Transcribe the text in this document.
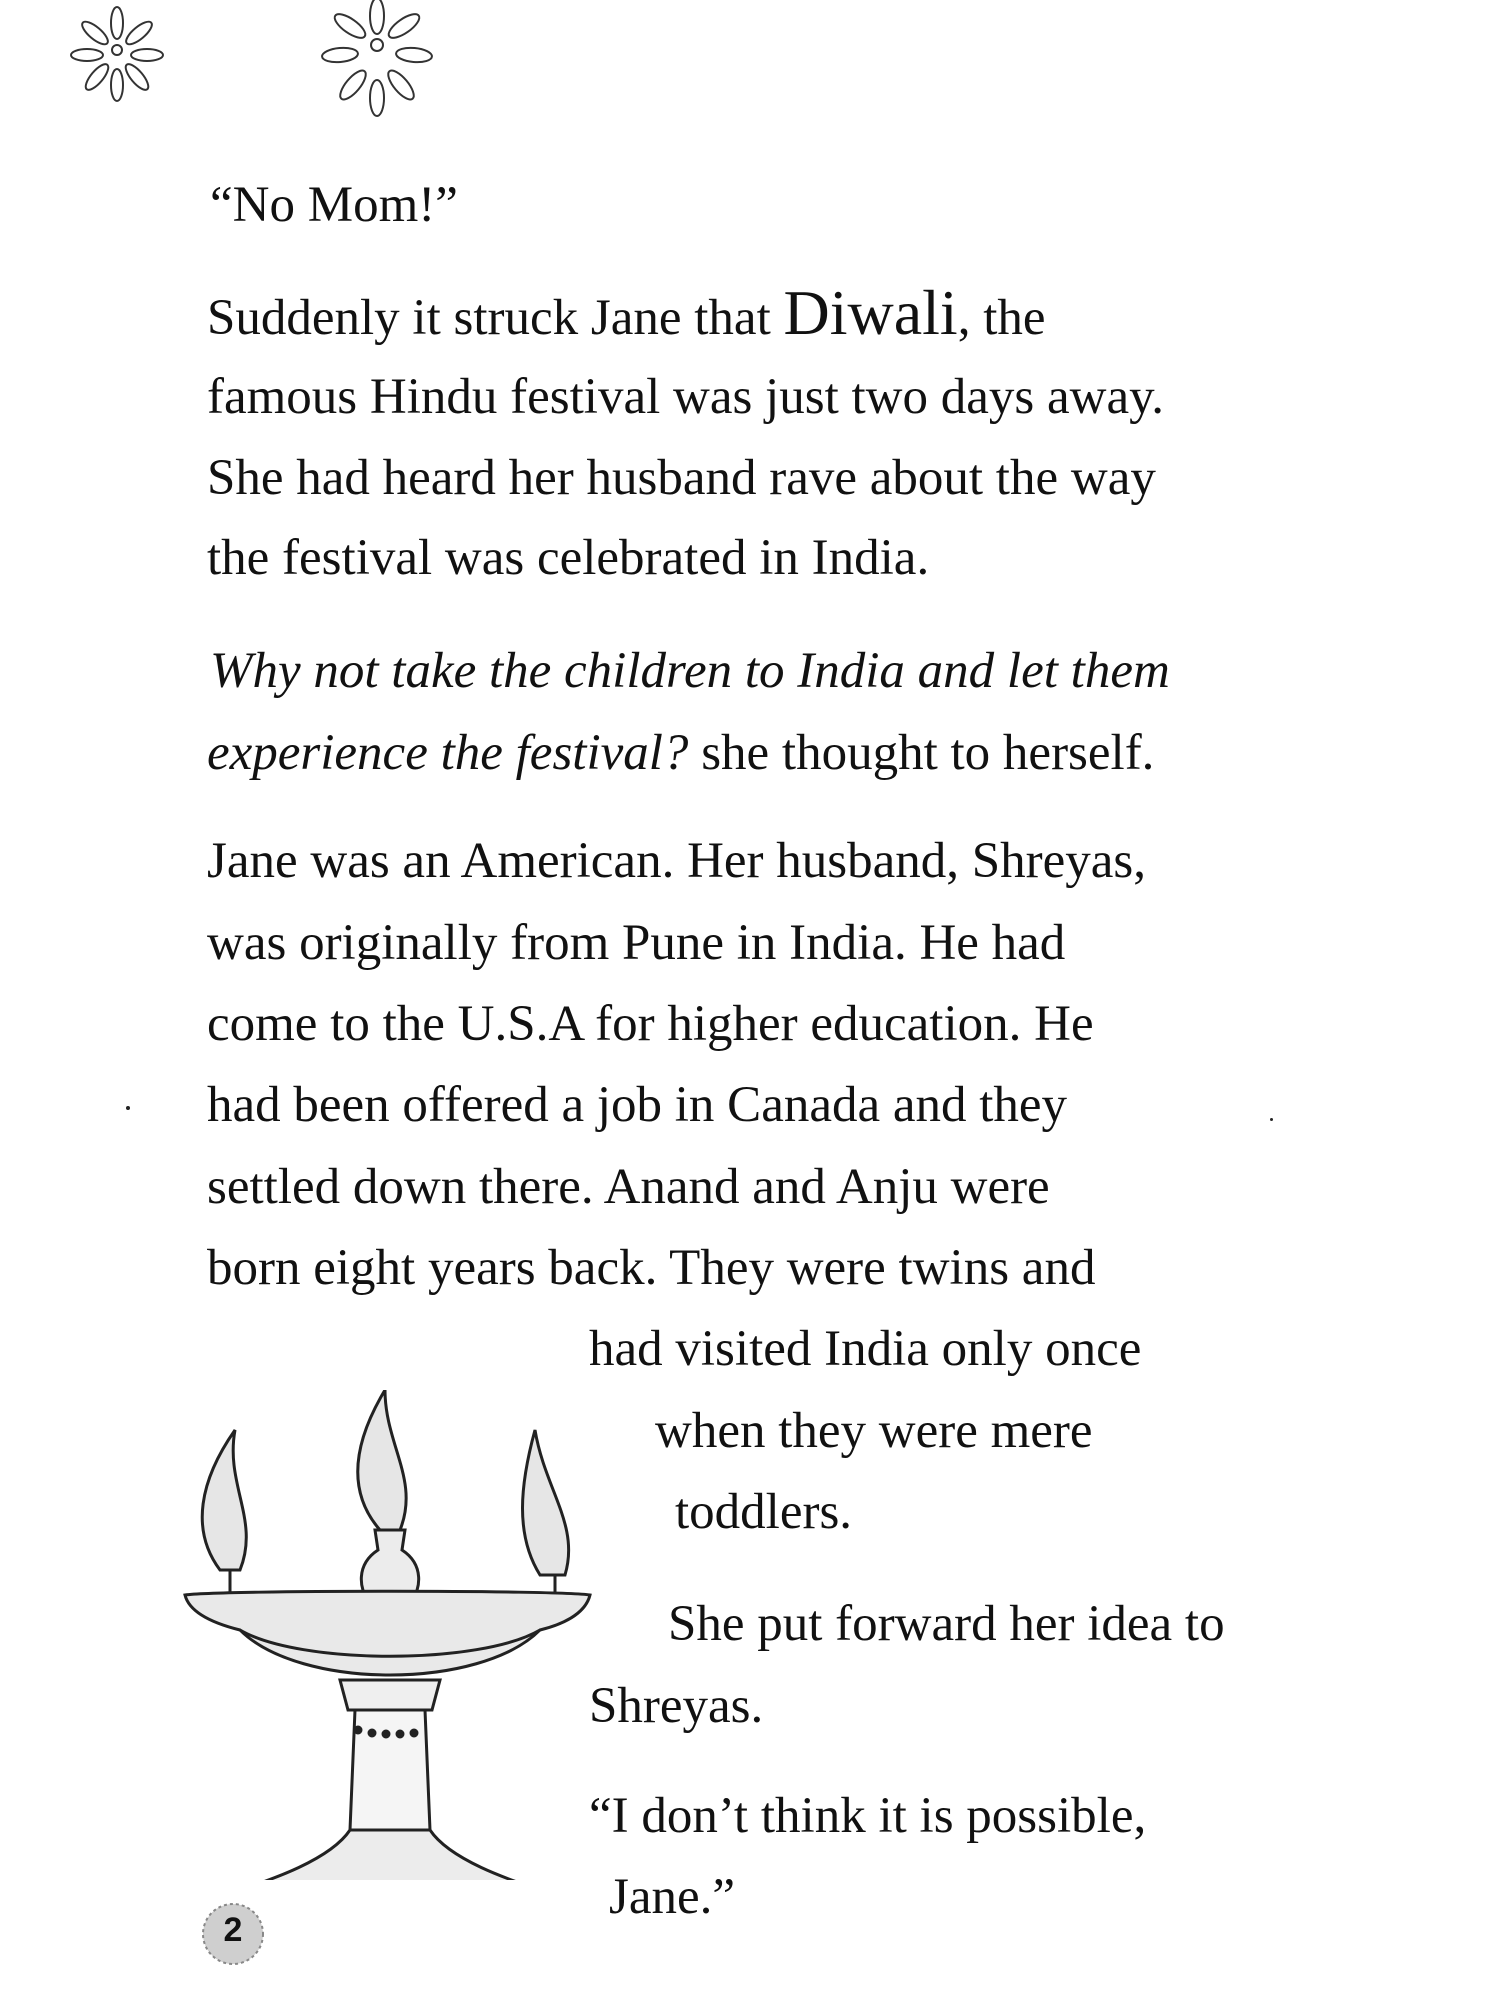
“No Mom!”

Suddenly it struck Jane that Diwali, the

famous Hindu festival was just two days away.

She had heard her husband rave about the way

the festival was celebrated in India.

Why not take the children to India and let them

experience the festival? she thought to herself.

Jane was an American. Her husband, Shreyas,

was originally from Pune in India. He had

come to the U.S.A for higher education. He

had been offered a job in Canada and they

settled down there. Anand and Anju were

born eight years back. They were twins and

had visited India only once

when they were mere

toddlers.

She put forward her idea to

Shreyas.

“I don’t think it is possible,

Jane.”

2
